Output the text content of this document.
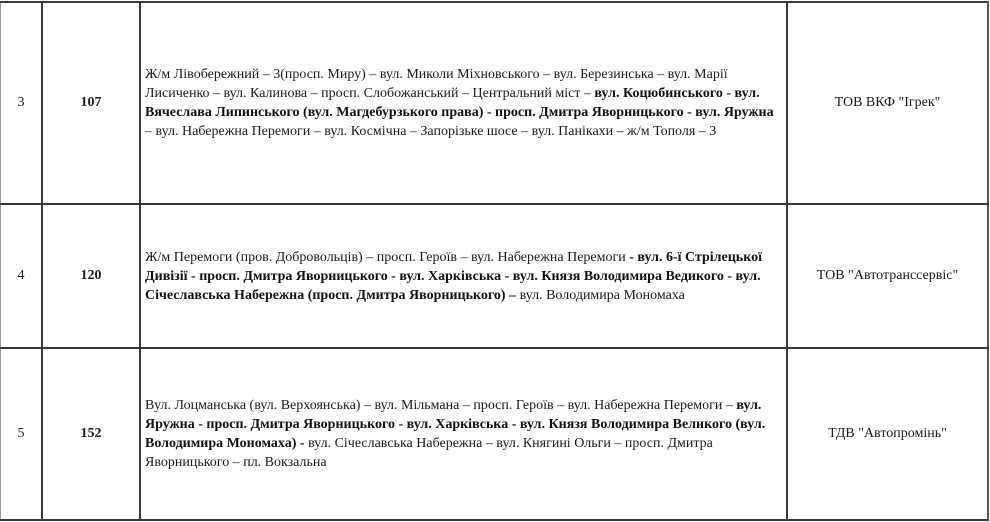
3	107	Ж/м Лівобережний – 3(просп. Миру) – вул. Миколи Міхновського – вул. Березинська – вул. Марії Лисиченко – вул. Калинова – просп. Слобожанський – Центральний міст – вул. Коцюбинського - вул. Вячеслава Липинського (вул. Магдебурзького права) - просп. Дмитра Яворницького - вул. Яружна – вул. Набережна Перемоги – вул. Космічна – Запорізьке шосе – вул. Панікахи – ж/м Тополя – 3	ТОВ ВКФ "Ігрек"
4	120	Ж/м Перемоги (пров. Добровольців) – просп. Героїв – вул. Набережна Перемоги - вул. 6-ї Стрілецької Дивізії - просп. Дмитра Яворницького - вул. Харківська - вул. Князя Володимира Ведикого - вул. Січеславська Набережна (просп. Дмитра Яворницького) – вул. Володимира Мономаха	ТОВ "Автотранссервіс"
5	152	Вул. Лоцманська (вул. Верхоянська) – вул. Мільмана – просп. Героїв – вул. Набережна Перемоги – вул. Яружна - просп. Дмитра Яворницького - вул. Харківська - вул. Князя Володимира Великого (вул. Володимира Мономаха) - вул. Січеславська Набережна – вул. Княгині Ольги – просп. Дмитра Яворницького – пл. Вокзальна	ТДВ "Автопромінь"
